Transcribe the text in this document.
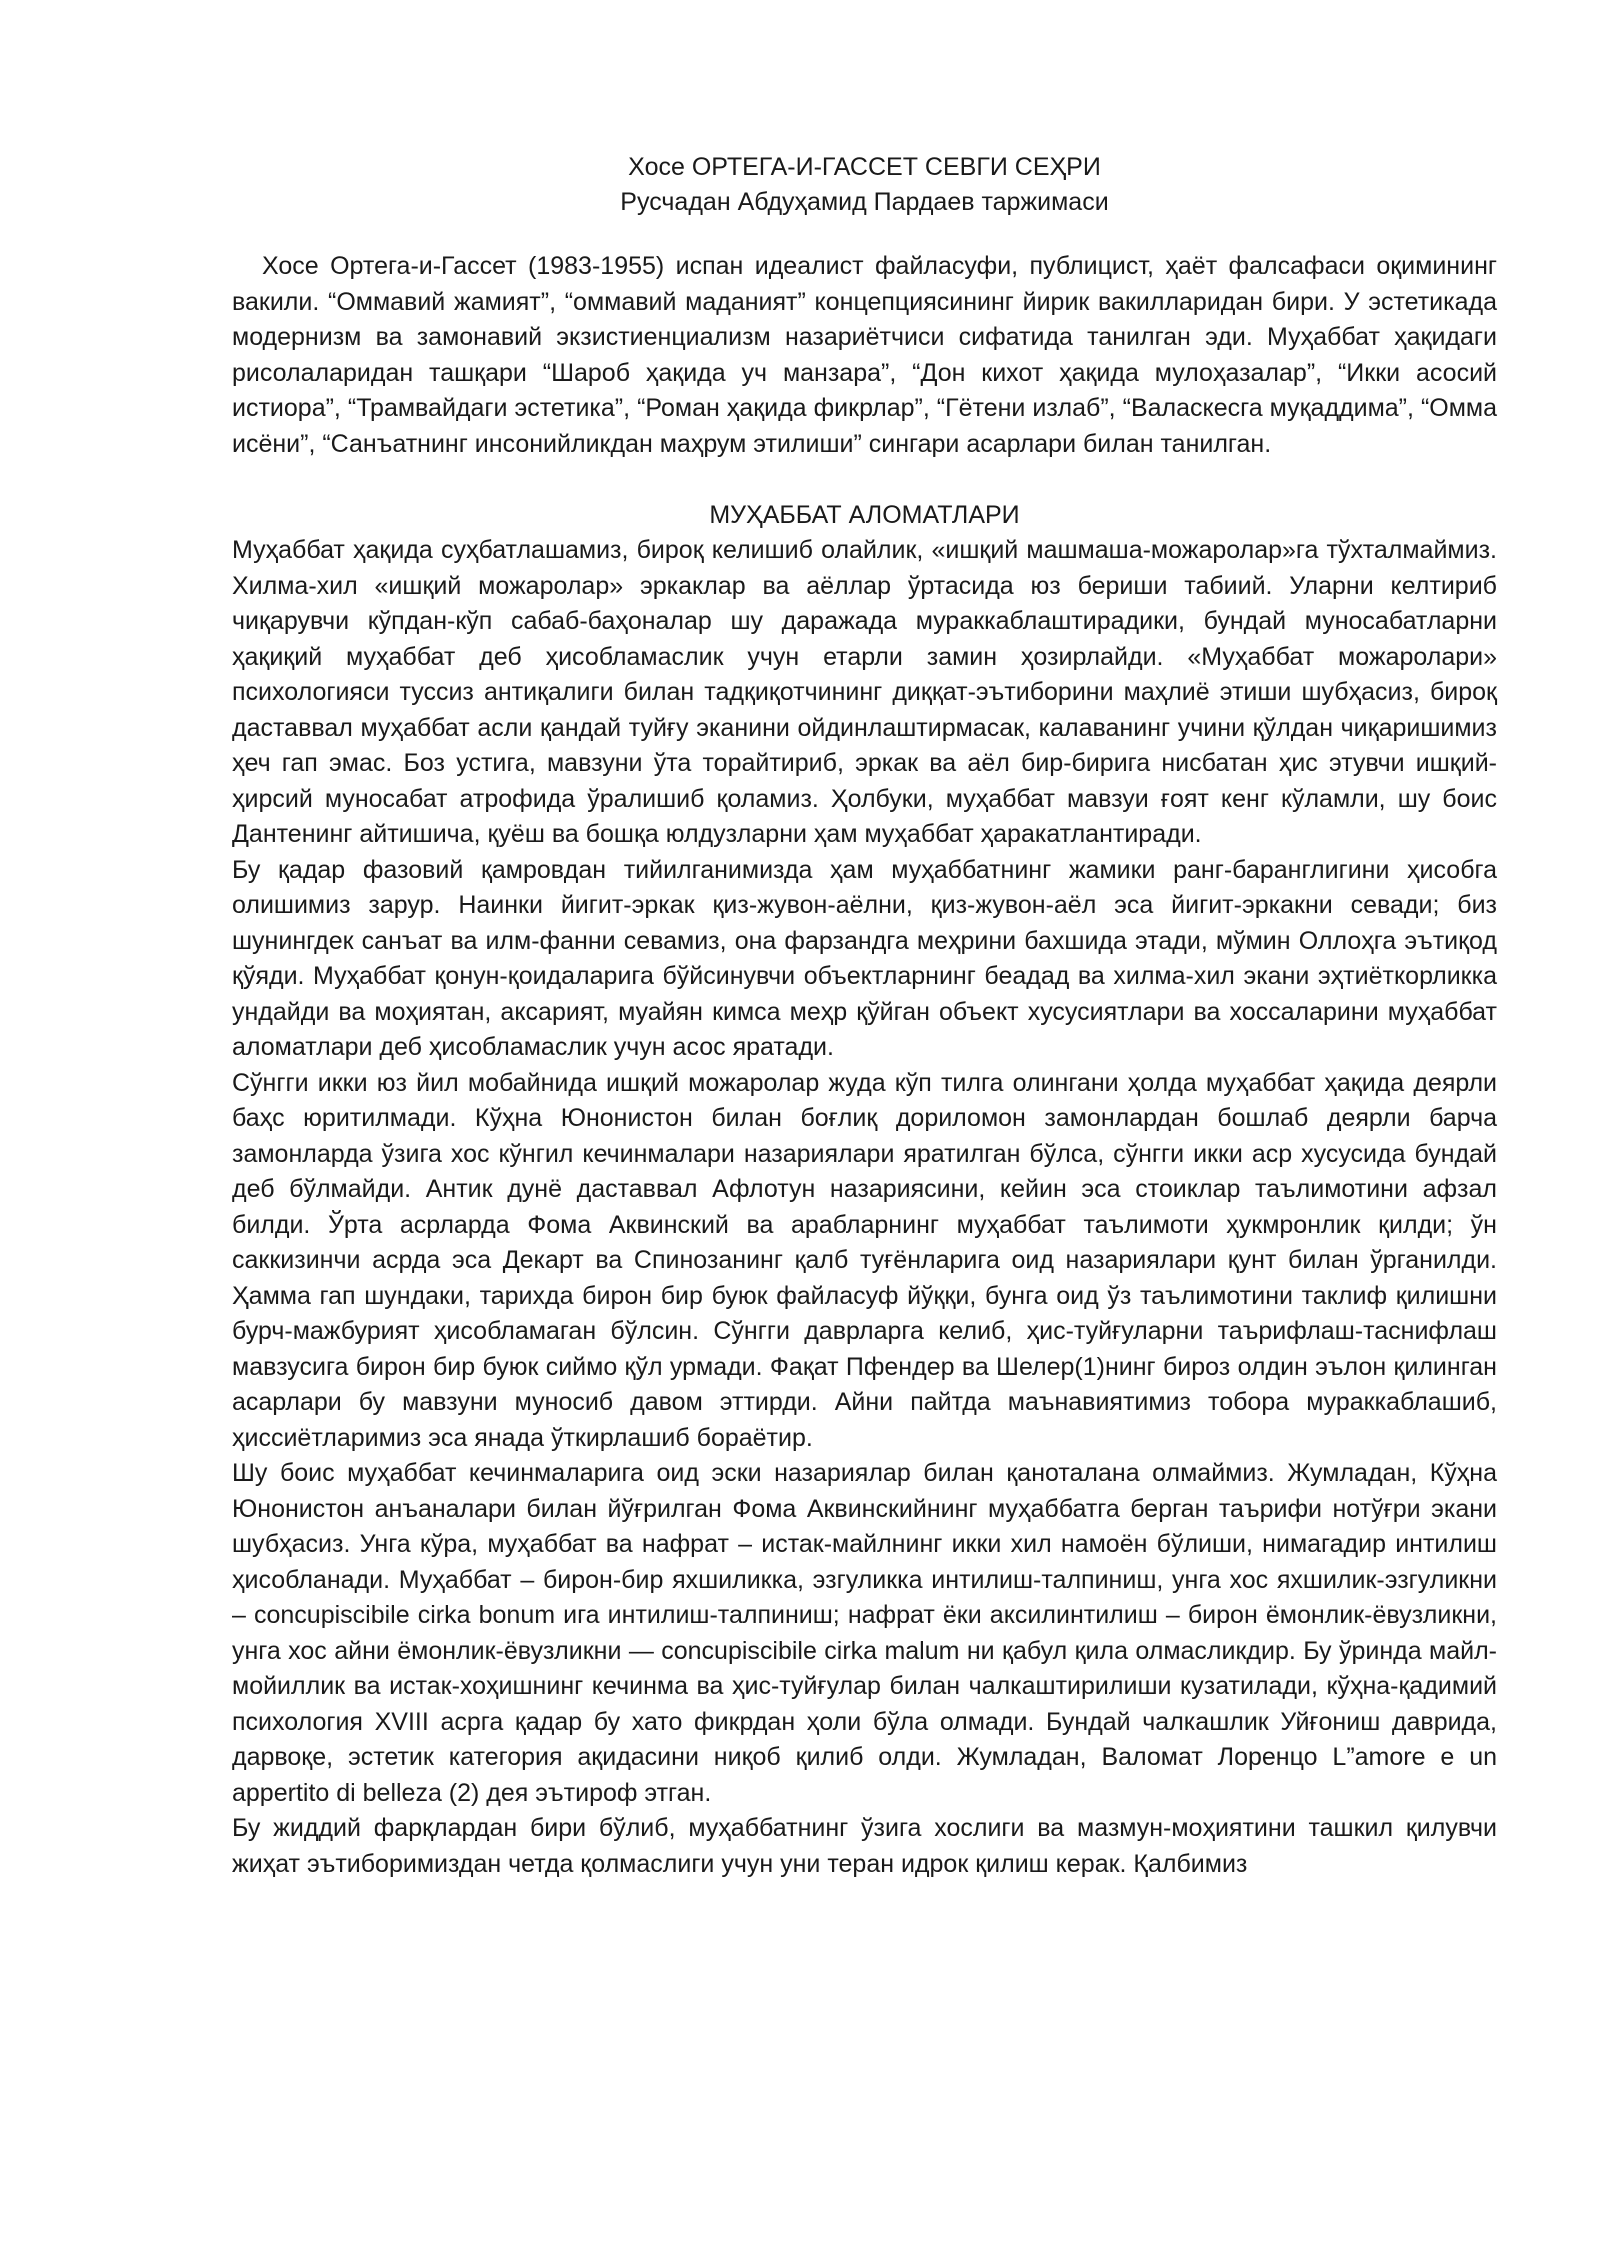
Хосе ОРТЕГА-И-ГАССЕТ СЕВГИ СЕҲРИ
Русчадан Абдуҳамид Пардаев таржимаси

Хосе Ортега-и-Гассет (1983-1955) испан идеалист файласуфи, публицист, ҳаёт фалсафаси оқимининг вакили. “Оммавий жамият”, “оммавий маданият” концепциясининг йирик вакилларидан бири. У эстетикада модернизм ва замонавий экзистиенциализм назариётчиси сифатида танилган эди. Муҳаббат ҳақидаги рисолаларидан ташқари “Шароб ҳақида уч манзара”, “Дон кихот ҳақида мулоҳазалар”, “Икки асосий истиора”, “Трамвайдаги эстетика”, “Роман ҳақида фикрлар”, “Гётени излаб”, “Валаскесга муқаддима”, “Омма исёни”, “Санъатнинг инсонийликдан маҳрум этилиши” сингари асарлари билан танилган.

МУҲАББАТ АЛОМАТЛАРИ

Муҳаббат ҳақида суҳбатлашамиз, бироқ келишиб олайлик, «ишқий машмаша-можаролар»га тўхталмаймиз. Хилма-хил «ишқий можаролар» эркаклар ва аёллар ўртасида юз бериши табиий. Уларни келтириб чиқарувчи кўпдан-кўп сабаб-баҳоналар шу даражада мураккаблаштирадики, бундай муносабатларни ҳақиқий муҳаббат деб ҳисобламаслик учун етарли замин ҳозирлайди. «Муҳаббат можаролари» психологияси туссиз антиқалиги билан тадқиқотчининг диққат-эътиборини маҳлиё этиши шубҳасиз, бироқ даставвал муҳаббат асли қандай туйғу эканини ойдинлаштирмасак, калаванинг учини қўлдан чиқаришимиз ҳеч гап эмас. Боз устига, мавзуни ўта торайтириб, эркак ва аёл бир-бирига нисбатан ҳис этувчи ишқий-ҳирсий муносабат атрофида ўралишиб қоламиз. Ҳолбуки, муҳаббат мавзуи ғоят кенг кўламли, шу боис Дантенинг айтишича, қуёш ва бошқа юлдузларни ҳам муҳаббат ҳаракатлантиради.

Бу қадар фазовий қамровдан тийилганимизда ҳам муҳаббатнинг жамики ранг-баранглигини ҳисобга олишимиз зарур. Наинки йигит-эркак қиз-жувон-аёлни, қиз-жувон-аёл эса йигит-эркакни севади; биз шунингдек санъат ва илм-фанни севамиз, она фарзандга меҳрини бахшида этади, мўмин Оллоҳга эътиқод қўяди. Муҳаббат қонун-қоидаларига бўйсинувчи объектларнинг беадад ва хилма-хил экани эҳтиёткорликка ундайди ва моҳиятан, аксарият, муайян кимса меҳр қўйган объект хусусиятлари ва хоссаларини муҳаббат аломатлари деб ҳисобламаслик учун асос яратади.

Сўнгги икки юз йил мобайнида ишқий можаролар жуда кўп тилга олингани ҳолда муҳаббат ҳақида деярли баҳс юритилмади. Кўҳна Юнонистон билан боғлиқ дориломон замонлардан бошлаб деярли барча замонларда ўзига хос кўнгил кечинмалари назариялари яратилган бўлса, сўнгги икки аср хусусида бундай деб бўлмайди. Антик дунё даставвал Афлотун назариясини, кейин эса стоиклар таълимотини афзал билди. Ўрта асрларда Фома Аквинский ва арабларнинг муҳаббат таълимоти ҳукмронлик қилди; ўн саккизинчи асрда эса Декарт ва Спинозанинг қалб туғёнларига оид назариялари қунт билан ўрганилди. Ҳамма гап шундаки, тарихда бирон бир буюк файласуф йўққи, бунга оид ўз таълимотини таклиф қилишни бурч-мажбурият ҳисобламаган бўлсин. Сўнгги даврларга келиб, ҳис-туйғуларни таърифлаш-таснифлаш мавзусига бирон бир буюк сиймо қўл урмади. Фақат Пфендер ва Шелер(1)нинг бироз олдин эълон қилинган асарлари бу мавзуни муносиб давом эттирди. Айни пайтда маънавиятимиз тобора мураккаблашиб, ҳиссиётларимиз эса янада ўткирлашиб бораётир.

Шу боис муҳаббат кечинмаларига оид эски назариялар билан қаноталана олмаймиз. Жумладан, Кўҳна Юнонистон анъаналари билан йўғрилган Фома Аквинскийнинг муҳаббатга берган таърифи нотўғри экани шубҳасиз. Унга кўра, муҳаббат ва нафрат – истак-майлнинг икки хил намоён бўлиши, нимагадир интилиш ҳисобланади. Муҳаббат – бирон-бир яхшиликка, эзгуликка интилиш-талпиниш, унга хос яхшилик-эзгуликни – concupiscibile cirka bonum ига интилиш-талпиниш; нафрат ёки аксилинтилиш – бирон ёмонлик-ёвузликни, унга хос айни ёмонлик-ёвузликни — concupiscibile cirka malum ни қабул қила олмасликдир. Бу ўринда майл-мойиллик ва истак-хоҳишнинг кечинма ва ҳис-туйғулар билан чалкаштирилиши кузатилади, кўҳна-қадимий психология XVIII асрга қадар бу хато фикрдан ҳоли бўла олмади. Бундай чалкашлик Уйғониш даврида, дарвоқе, эстетик категория ақидасини ниқоб қилиб олди. Жумладан, Валомат Лоренцо L”amore e un appertito di belleza (2) дея эътироф этган.

Бу жиддий фарқлардан бири бўлиб, муҳаббатнинг ўзига хослиги ва мазмун-моҳиятини ташкил қилувчи жиҳат эътиборимиздан четда қолмаслиги учун уни теран идрок қилиш керак. Қалбимиз
